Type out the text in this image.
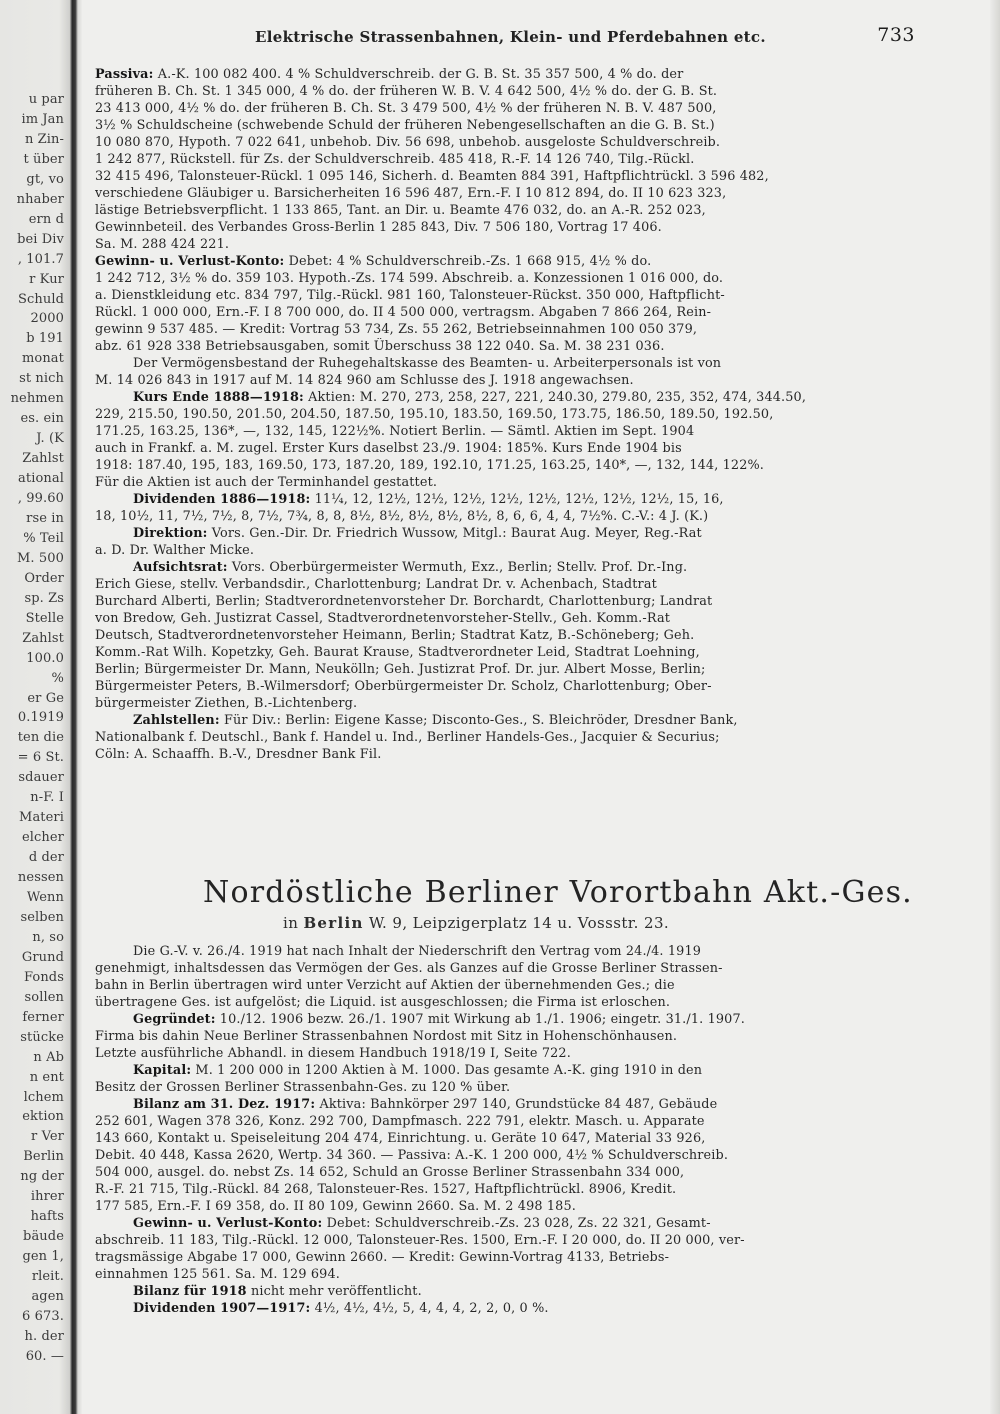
u par
im Jan
n Zin-
t über
gt, vo
nhaber
ern d
bei Div
, 101.7
r Kur
Schuld
2000
b 191
monat
st nich
nehmen
es. ein
J. (K
Zahlst
ational
, 99.60
rse in
% Teil
M. 500
Order
sp. Zs
Stelle
Zahlst
100.0
%
er Ge
0.1919
ten die
= 6 St.
sdauer
n-F. I
Materi
elcher
d der
nessen
Wenn
selben
n, so
Grund
Fonds
sollen
ferner
stücke
n Ab
n ent
lchem
ektion
r Ver
Berlin
ng der
ihrer
hafts
bäude
gen 1,
rleit.
agen
6 673.
h. der
60. —
Elektrische Strassenbahnen, Klein- und Pferdebahnen etc.	733
Passiva: A.-K. 100 082 400. 4 % Schuldverschreib. der G. B. St. 35 357 500, 4 % do. der
früheren B. Ch. St. 1 345 000, 4 % do. der früheren W. B. V. 4 642 500, 4½ % do. der G. B. St.
23 413 000, 4½ % do. der früheren B. Ch. St. 3 479 500, 4½ % der früheren N. B. V. 487 500,
3½ % Schuldscheine (schwebende Schuld der früheren Nebengesellschaften an die G. B. St.)
10 080 870, Hypoth. 7 022 641, unbehob. Div. 56 698, unbehob. ausgeloste Schuldverschreib.
1 242 877, Rückstell. für Zs. der Schuldverschreib. 485 418, R.-F. 14 126 740, Tilg.-Rückl.
32 415 496, Talonsteuer-Rückl. 1 095 146, Sicherh. d. Beamten 884 391, Haftpflichtrückl. 3 596 482,
verschiedene Gläubiger u. Barsicherheiten 16 596 487, Ern.-F. I 10 812 894, do. II 10 623 323,
lästige Betriebsverpflicht. 1 133 865, Tant. an Dir. u. Beamte 476 032, do. an A.-R. 252 023,
Gewinnbeteil. des Verbandes Gross-Berlin 1 285 843, Div. 7 506 180, Vortrag 17 406.
Sa. M. 288 424 221.
Gewinn- u. Verlust-Konto: Debet: 4 % Schuldverschreib.-Zs. 1 668 915, 4½ % do.
1 242 712, 3½ % do. 359 103. Hypoth.-Zs. 174 599. Abschreib. a. Konzessionen 1 016 000, do.
a. Dienstkleidung etc. 834 797, Tilg.-Rückl. 981 160, Talonsteuer-Rückst. 350 000, Haftpflicht-
Rückl. 1 000 000, Ern.-F. I 8 700 000, do. II 4 500 000, vertragsm. Abgaben 7 866 264, Rein-
gewinn 9 537 485. — Kredit: Vortrag 53 734, Zs. 55 262, Betriebseinnahmen 100 050 379,
abz. 61 928 338 Betriebsausgaben, somit Überschuss 38 122 040. Sa. M. 38 231 036.
Der Vermögensbestand der Ruhegehaltskasse des Beamten- u. Arbeiterpersonals ist von
M. 14 026 843 in 1917 auf M. 14 824 960 am Schlusse des J. 1918 angewachsen.
Kurs Ende 1888—1918: Aktien: M. 270, 273, 258, 227, 221, 240.30, 279.80, 235, 352, 474, 344.50,
229, 215.50, 190.50, 201.50, 204.50, 187.50, 195.10, 183.50, 169.50, 173.75, 186.50, 189.50, 192.50,
171.25, 163.25, 136*, —, 132, 145, 122½%. Notiert Berlin. — Sämtl. Aktien im Sept. 1904
auch in Frankf. a. M. zugel. Erster Kurs daselbst 23./9. 1904: 185%. Kurs Ende 1904 bis
1918: 187.40, 195, 183, 169.50, 173, 187.20, 189, 192.10, 171.25, 163.25, 140*, —, 132, 144, 122%.
Für die Aktien ist auch der Terminhandel gestattet.
Dividenden 1886—1918: 11¼, 12, 12½, 12½, 12½, 12½, 12½, 12½, 12½, 12½, 15, 16,
18, 10½, 11, 7½, 7½, 8, 7½, 7¾, 8, 8, 8½, 8½, 8½, 8½, 8½, 8, 6, 6, 4, 4, 7½%. C.-V.: 4 J. (K.)
Direktion: Vors. Gen.-Dir. Dr. Friedrich Wussow, Mitgl.: Baurat Aug. Meyer, Reg.-Rat
a. D. Dr. Walther Micke.
Aufsichtsrat: Vors. Oberbürgermeister Wermuth, Exz., Berlin; Stellv. Prof. Dr.-Ing.
Erich Giese, stellv. Verbandsdir., Charlottenburg; Landrat Dr. v. Achenbach, Stadtrat
Burchard Alberti, Berlin; Stadtverordnetenvorsteher Dr. Borchardt, Charlottenburg; Landrat
von Bredow, Geh. Justizrat Cassel, Stadtverordnetenvorsteher-Stellv., Geh. Komm.-Rat
Deutsch, Stadtverordnetenvorsteher Heimann, Berlin; Stadtrat Katz, B.-Schöneberg; Geh.
Komm.-Rat Wilh. Kopetzky, Geh. Baurat Krause, Stadtverordneter Leid, Stadtrat Loehning,
Berlin; Bürgermeister Dr. Mann, Neukölln; Geh. Justizrat Prof. Dr. jur. Albert Mosse, Berlin;
Bürgermeister Peters, B.-Wilmersdorf; Oberbürgermeister Dr. Scholz, Charlottenburg; Ober-
bürgermeister Ziethen, B.-Lichtenberg.
Zahlstellen: Für Div.: Berlin: Eigene Kasse; Disconto-Ges., S. Bleichröder, Dresdner Bank,
Nationalbank f. Deutschl., Bank f. Handel u. Ind., Berliner Handels-Ges., Jacquier & Securius;
Cöln: A. Schaaffh. B.-V., Dresdner Bank Fil.
Nordöstliche Berliner Vorortbahn Akt.-Ges.
in Berlin W. 9, Leipzigerplatz 14 u. Vossstr. 23.
Die G.-V. v. 26./4. 1919 hat nach Inhalt der Niederschrift den Vertrag vom 24./4. 1919
genehmigt, inhaltsdessen das Vermögen der Ges. als Ganzes auf die Grosse Berliner Strassen-
bahn in Berlin übertragen wird unter Verzicht auf Aktien der übernehmenden Ges.; die
übertragene Ges. ist aufgelöst; die Liquid. ist ausgeschlossen; die Firma ist erloschen.
Gegründet: 10./12. 1906 bezw. 26./1. 1907 mit Wirkung ab 1./1. 1906; eingetr. 31./1. 1907.
Firma bis dahin Neue Berliner Strassenbahnen Nordost mit Sitz in Hohenschönhausen.
Letzte ausführliche Abhandl. in diesem Handbuch 1918/19 I, Seite 722.
Kapital: M. 1 200 000 in 1200 Aktien à M. 1000. Das gesamte A.-K. ging 1910 in den
Besitz der Grossen Berliner Strassenbahn-Ges. zu 120 % über.
Bilanz am 31. Dez. 1917: Aktiva: Bahnkörper 297 140, Grundstücke 84 487, Gebäude
252 601, Wagen 378 326, Konz. 292 700, Dampfmasch. 222 791, elektr. Masch. u. Apparate
143 660, Kontakt u. Speiseleitung 204 474, Einrichtung. u. Geräte 10 647, Material 33 926,
Debit. 40 448, Kassa 2620, Wertp. 34 360. — Passiva: A.-K. 1 200 000, 4½ % Schuldverschreib.
504 000, ausgel. do. nebst Zs. 14 652, Schuld an Grosse Berliner Strassenbahn 334 000,
R.-F. 21 715, Tilg.-Rückl. 84 268, Talonsteuer-Res. 1527, Haftpflichtrückl. 8906, Kredit.
177 585, Ern.-F. I 69 358, do. II 80 109, Gewinn 2660. Sa. M. 2 498 185.
Gewinn- u. Verlust-Konto: Debet: Schuldverschreib.-Zs. 23 028, Zs. 22 321, Gesamt-
abschreib. 11 183, Tilg.-Rückl. 12 000, Talonsteuer-Res. 1500, Ern.-F. I 20 000, do. II 20 000, ver-
tragsmässige Abgabe 17 000, Gewinn 2660. — Kredit: Gewinn-Vortrag 4133, Betriebs-
einnahmen 125 561. Sa. M. 129 694.
Bilanz für 1918 nicht mehr veröffentlicht.
Dividenden 1907—1917: 4½, 4½, 4½, 5, 4, 4, 4, 2, 2, 0, 0 %.
